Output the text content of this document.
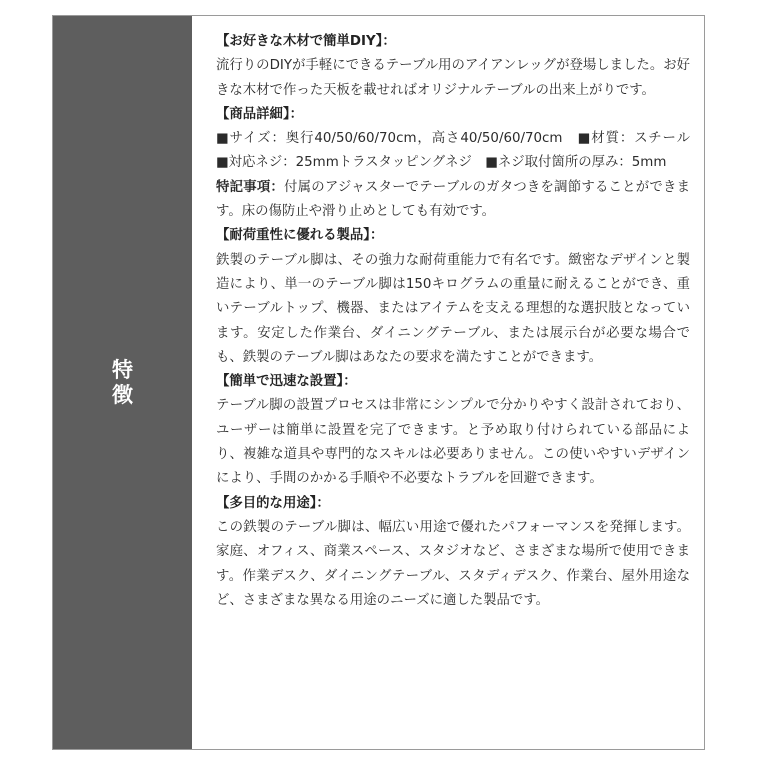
特徴

【お好きな木材で簡単DIY】：

流行りのDIYが手軽にできるテーブル用のアイアンレッグが登場しました。お好きな木材で作った天板を載せればオリジナルテーブルの出来上がりです。

【商品詳細】：

■サイズ：奥行40/50/60/70cm，高さ40/50/60/70cm　■材質：スチール　■対応ネジ：25mmトラスタッピングネジ　■ネジ取付箇所の厚み：5mm

特記事項：付属のアジャスターでテーブルのガタつきを調節することができます。床の傷防止や滑り止めとしても有効です。

【耐荷重性に優れる製品】：

鉄製のテーブル脚は、その強力な耐荷重能力で有名です。緻密なデザインと製造により、単一のテーブル脚は150キログラムの重量に耐えることができ、重いテーブルトップ、機器、またはアイテムを支える理想的な選択肢となっています。安定した作業台、ダイニングテーブル、または展示台が必要な場合でも、鉄製のテーブル脚はあなたの要求を満たすことができます。

【簡単で迅速な設置】：

テーブル脚の設置プロセスは非常にシンプルで分かりやすく設計されており、ユーザーは簡単に設置を完了できます。と予め取り付けられている部品により、複雑な道具や専門的なスキルは必要ありません。この使いやすいデザインにより、手間のかかる手順や不必要なトラブルを回避できます。

【多目的な用途】：

この鉄製のテーブル脚は、幅広い用途で優れたパフォーマンスを発揮します。家庭、オフィス、商業スペース、スタジオなど、さまざまな場所で使用できます。作業デスク、ダイニングテーブル、スタディデスク、作業台、屋外用途など、さまざまな異なる用途のニーズに適した製品です。
